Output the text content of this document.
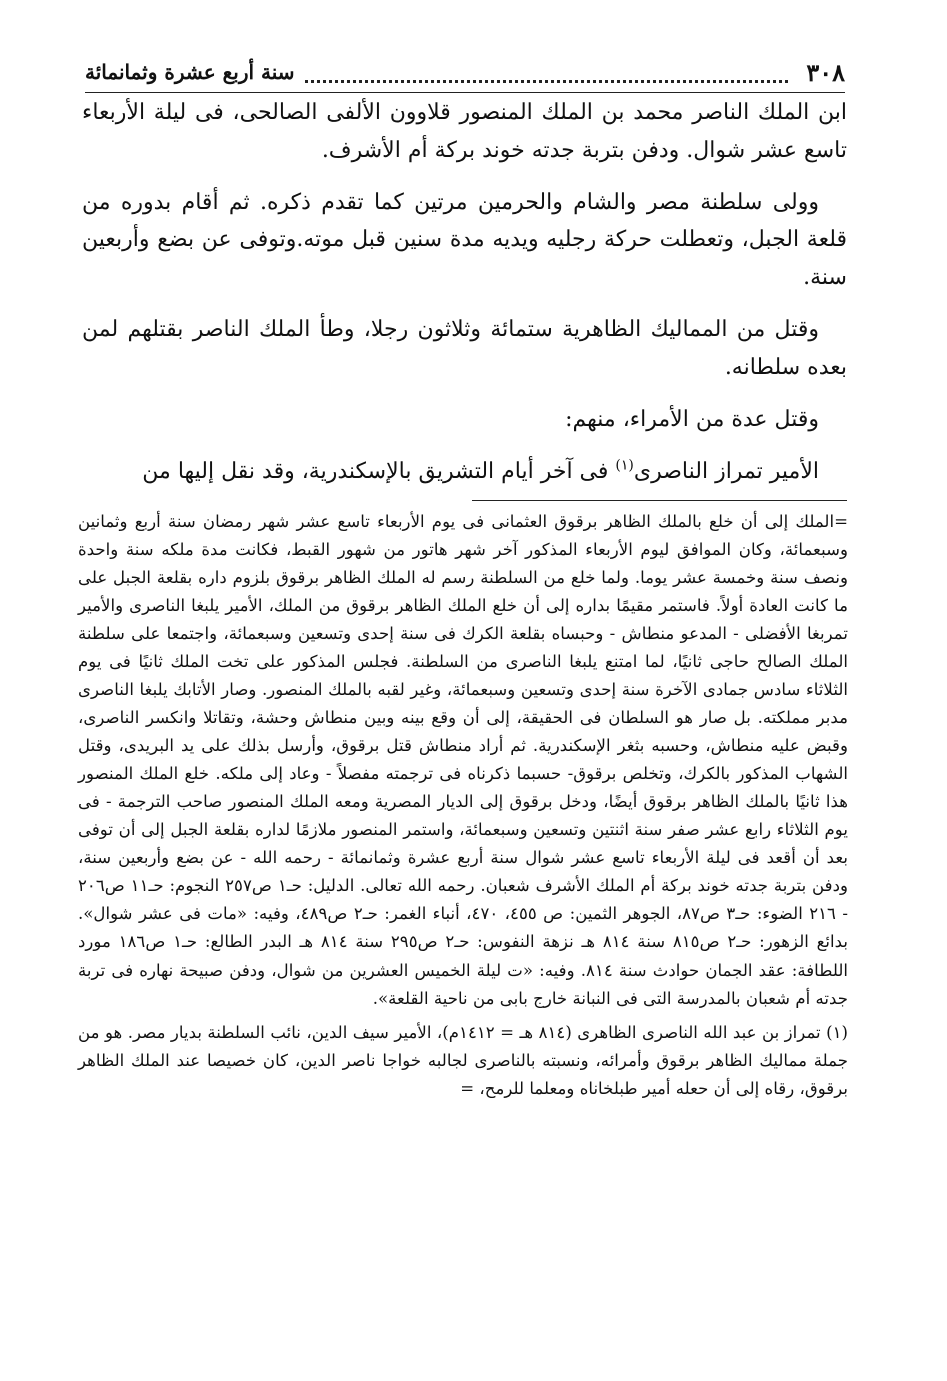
٣٠٨
سنة أربع عشرة وثمانمائة

ابن الملك الناصر محمد بن الملك المنصور قلاوون الألفى الصالحى، فى ليلة الأربعاء تاسع عشر شوال. ودفن بتربة جدته خوند بركة أم الأشرف.

وولى سلطنة مصر والشام والحرمين مرتين كما تقدم ذكره. ثم أقام بدوره من قلعة الجبل، وتعطلت حركة رجليه ويديه مدة سنين قبل موته.وتوفى عن بضع وأربعين سنة.

وقتل من المماليك الظاهرية ستمائة وثلاثون رجلا، وطأ الملك الناصر بقتلهم لمن بعده سلطانه.

وقتل عدة من الأمراء، منهم:

الأمير تمراز الناصرى$^{(١)}$ فى آخر أيام التشريق بالإسكندرية، وقد نقل إليها من

=الملك إلى أن خلع بالملك الظاهر برقوق العثمانى فى يوم الأربعاء تاسع عشر شهر رمضان سنة أربع وثمانين وسبعمائة، وكان الموافق ليوم الأربعاء المذكور آخر شهر هاتور من شهور القبط، فكانت مدة ملكه سنة واحدة ونصف سنة وخمسة عشر يوما. ولما خلع من السلطنة رسم له الملك الظاهر برقوق بلزوم داره بقلعة الجبل على ما كانت العادة أولاً. فاستمر مقيمًا بداره إلى أن خلع الملك الظاهر برقوق من الملك، الأمير يلبغا الناصرى والأمير تمربغا الأفضلى - المدعو منطاش - وحبساه بقلعة الكرك فى سنة إحدى وتسعين وسبعمائة، واجتمعا على سلطنة الملك الصالح حاجى ثانيًا، لما امتنع يلبغا الناصرى من السلطنة. فجلس المذكور على تخت الملك ثانيًا فى يوم الثلاثاء سادس جمادى الآخرة سنة إحدى وتسعين وسبعمائة، وغير لقبه بالملك المنصور. وصار الأتابك يلبغا الناصرى مدبر مملكته. بل صار هو السلطان فى الحقيقة، إلى أن وقع بينه وبين منطاش وحشة، وتقاتلا وانكسر الناصرى، وقبض عليه منطاش، وحسبه بثغر الإسكندرية. ثم أراد منطاش قتل برقوق، وأرسل بذلك على يد البريدى، وقتل الشهاب المذكور بالكرك، وتخلص برقوق- حسبما ذكرناه فى ترجمته مفصلاً - وعاد إلى ملكه. خلع الملك المنصور هذا ثانيًا بالملك الظاهر برقوق أيضًا، ودخل برقوق إلى الديار المصرية ومعه الملك المنصور صاحب الترجمة - فى يوم الثلاثاء رابع عشر صفر سنة اثنتين وتسعين وسبعمائة، واستمر المنصور ملازمًا لداره بقلعة الجبل إلى أن توفى بعد أن أقعد فى ليلة الأربعاء تاسع عشر شوال سنة أربع عشرة وثمانمائة - رحمه الله - عن بضع وأربعين سنة، ودفن بتربة جدته خوند بركة أم الملك الأشرف شعبان. رحمه الله تعالى. الدليل: حـ١ ص٢٥٧ النجوم: حـ١١ ص٢٠٦ - ٢١٦ الضوء: حـ٣ ص٨٧، الجوهر الثمين: ص ٤٥٥، ٤٧٠، أنباء الغمر: حـ٢ ص٤٨٩، وفيه: «مات فى عشر شوال». بدائع الزهور: حـ٢ ص٨١٥ سنة ٨١٤ هـ نزهة النفوس: حـ٢ ص٢٩٥ سنة ٨١٤ هـ البدر الطالع: حـ١ ص١٨٦ مورد اللطافة: عقد الجمان حوادث سنة ٨١٤. وفيه: «ت ليلة الخميس العشرين من شوال، ودفن صبيحة نهاره فى تربة جدته أم شعبان بالمدرسة التى فى النبانة خارج بابى من ناحية القلعة».

(١) تمراز بن عبد الله الناصرى الظاهرى (٨١٤ هـ = ١٤١٢م)، الأمير سيف الدين، نائب السلطنة بديار مصر. هو من جملة مماليك الظاهر برقوق وأمرائه، ونسبته بالناصرى لجالبه خواجا ناصر الدين، كان خصيصا عند الملك الظاهر برقوق، رقاه إلى أن حعله أمير طبلخاناه ومعلما للرمح، =
